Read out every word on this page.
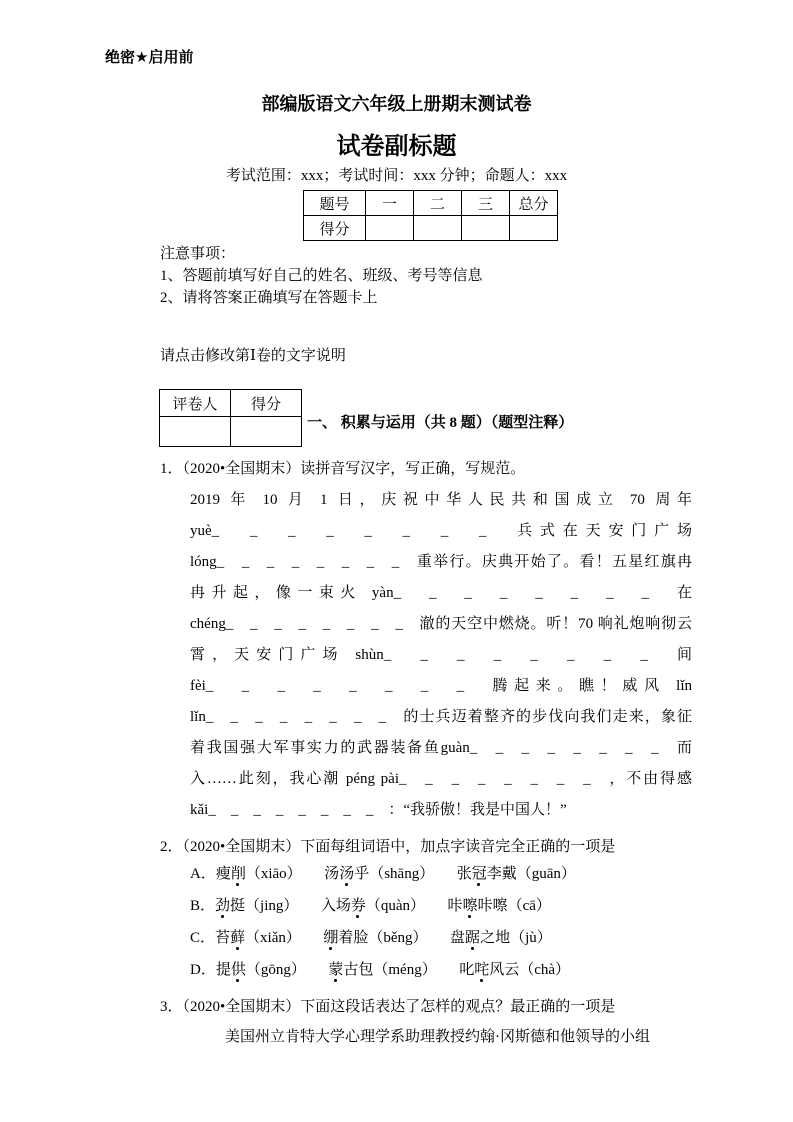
绝密★启用前
部编版语文六年级上册期末测试卷
试卷副标题
考试范围：xxx；考试时间：xxx 分钟；命题人：xxx
题号	一	二	三	总分
得分				
注意事项：
1、答题前填写好自己的姓名、班级、考号等信息
2、请将答案正确填写在答题卡上
请点击修改第Ⅰ卷的文字说明
评卷人	得分

一、 积累与运用（共 8 题）（题型注释）
1．（2020•全国期末）读拼音写汉字，写正确，写规范。
2019 年 10 月 1 日，庆祝中华人民共和国成立 70 周年
yuè_　_　_　_　_　_　_　_　兵式在天安门广场
lóng_　_　_　_　_　_　_　_　重举行。庆典开始了。看！五星红旗冉
冉升起，像一束火 yàn_　_　_　_　_　_　_　_　在
chéng_　_　_　_　_　_　_　_　澈的天空中燃烧。听！70 响礼炮响彻云
霄，天安门广场 shùn_　_　_　_　_　_　_　_　间
fèi_　_　_　_　_　_　_　_　腾起来。瞧！威风 lǐn
lǐn_　_　_　_　_　_　_　_　的士兵迈着整齐的步伐向我们走来，象征
着我国强大军事实力的武器装备鱼guàn_　_　_　_　_　_　_　_　而
入……此刻，我心潮 péng pài_　_　_　_　_　_　_　_　，不由得感
kǎi_　_　_　_　_　_　_　_　：“我骄傲！我是中国人！”
2．（2020•全国期末）下面每组词语中，加点字读音完全正确的一项是
A．瘦削（xiāo）　　汤汤乎（shāng）　　张冠李戴（guān）
B．劲挺（jing）　　入场券（quàn）　　咔嚓咔嚓（cā）
C．苔藓（xiǎn）　　绷着脸（běng）　　盘踞之地（jù）
D．提供（gōng）　　蒙古包（méng）　　叱咤风云（chà）
3．（2020•全国期末）下面这段话表达了怎样的观点？最正确的一项是
美国州立肯特大学心理学系助理教授约翰·冈斯德和他领导的小组
